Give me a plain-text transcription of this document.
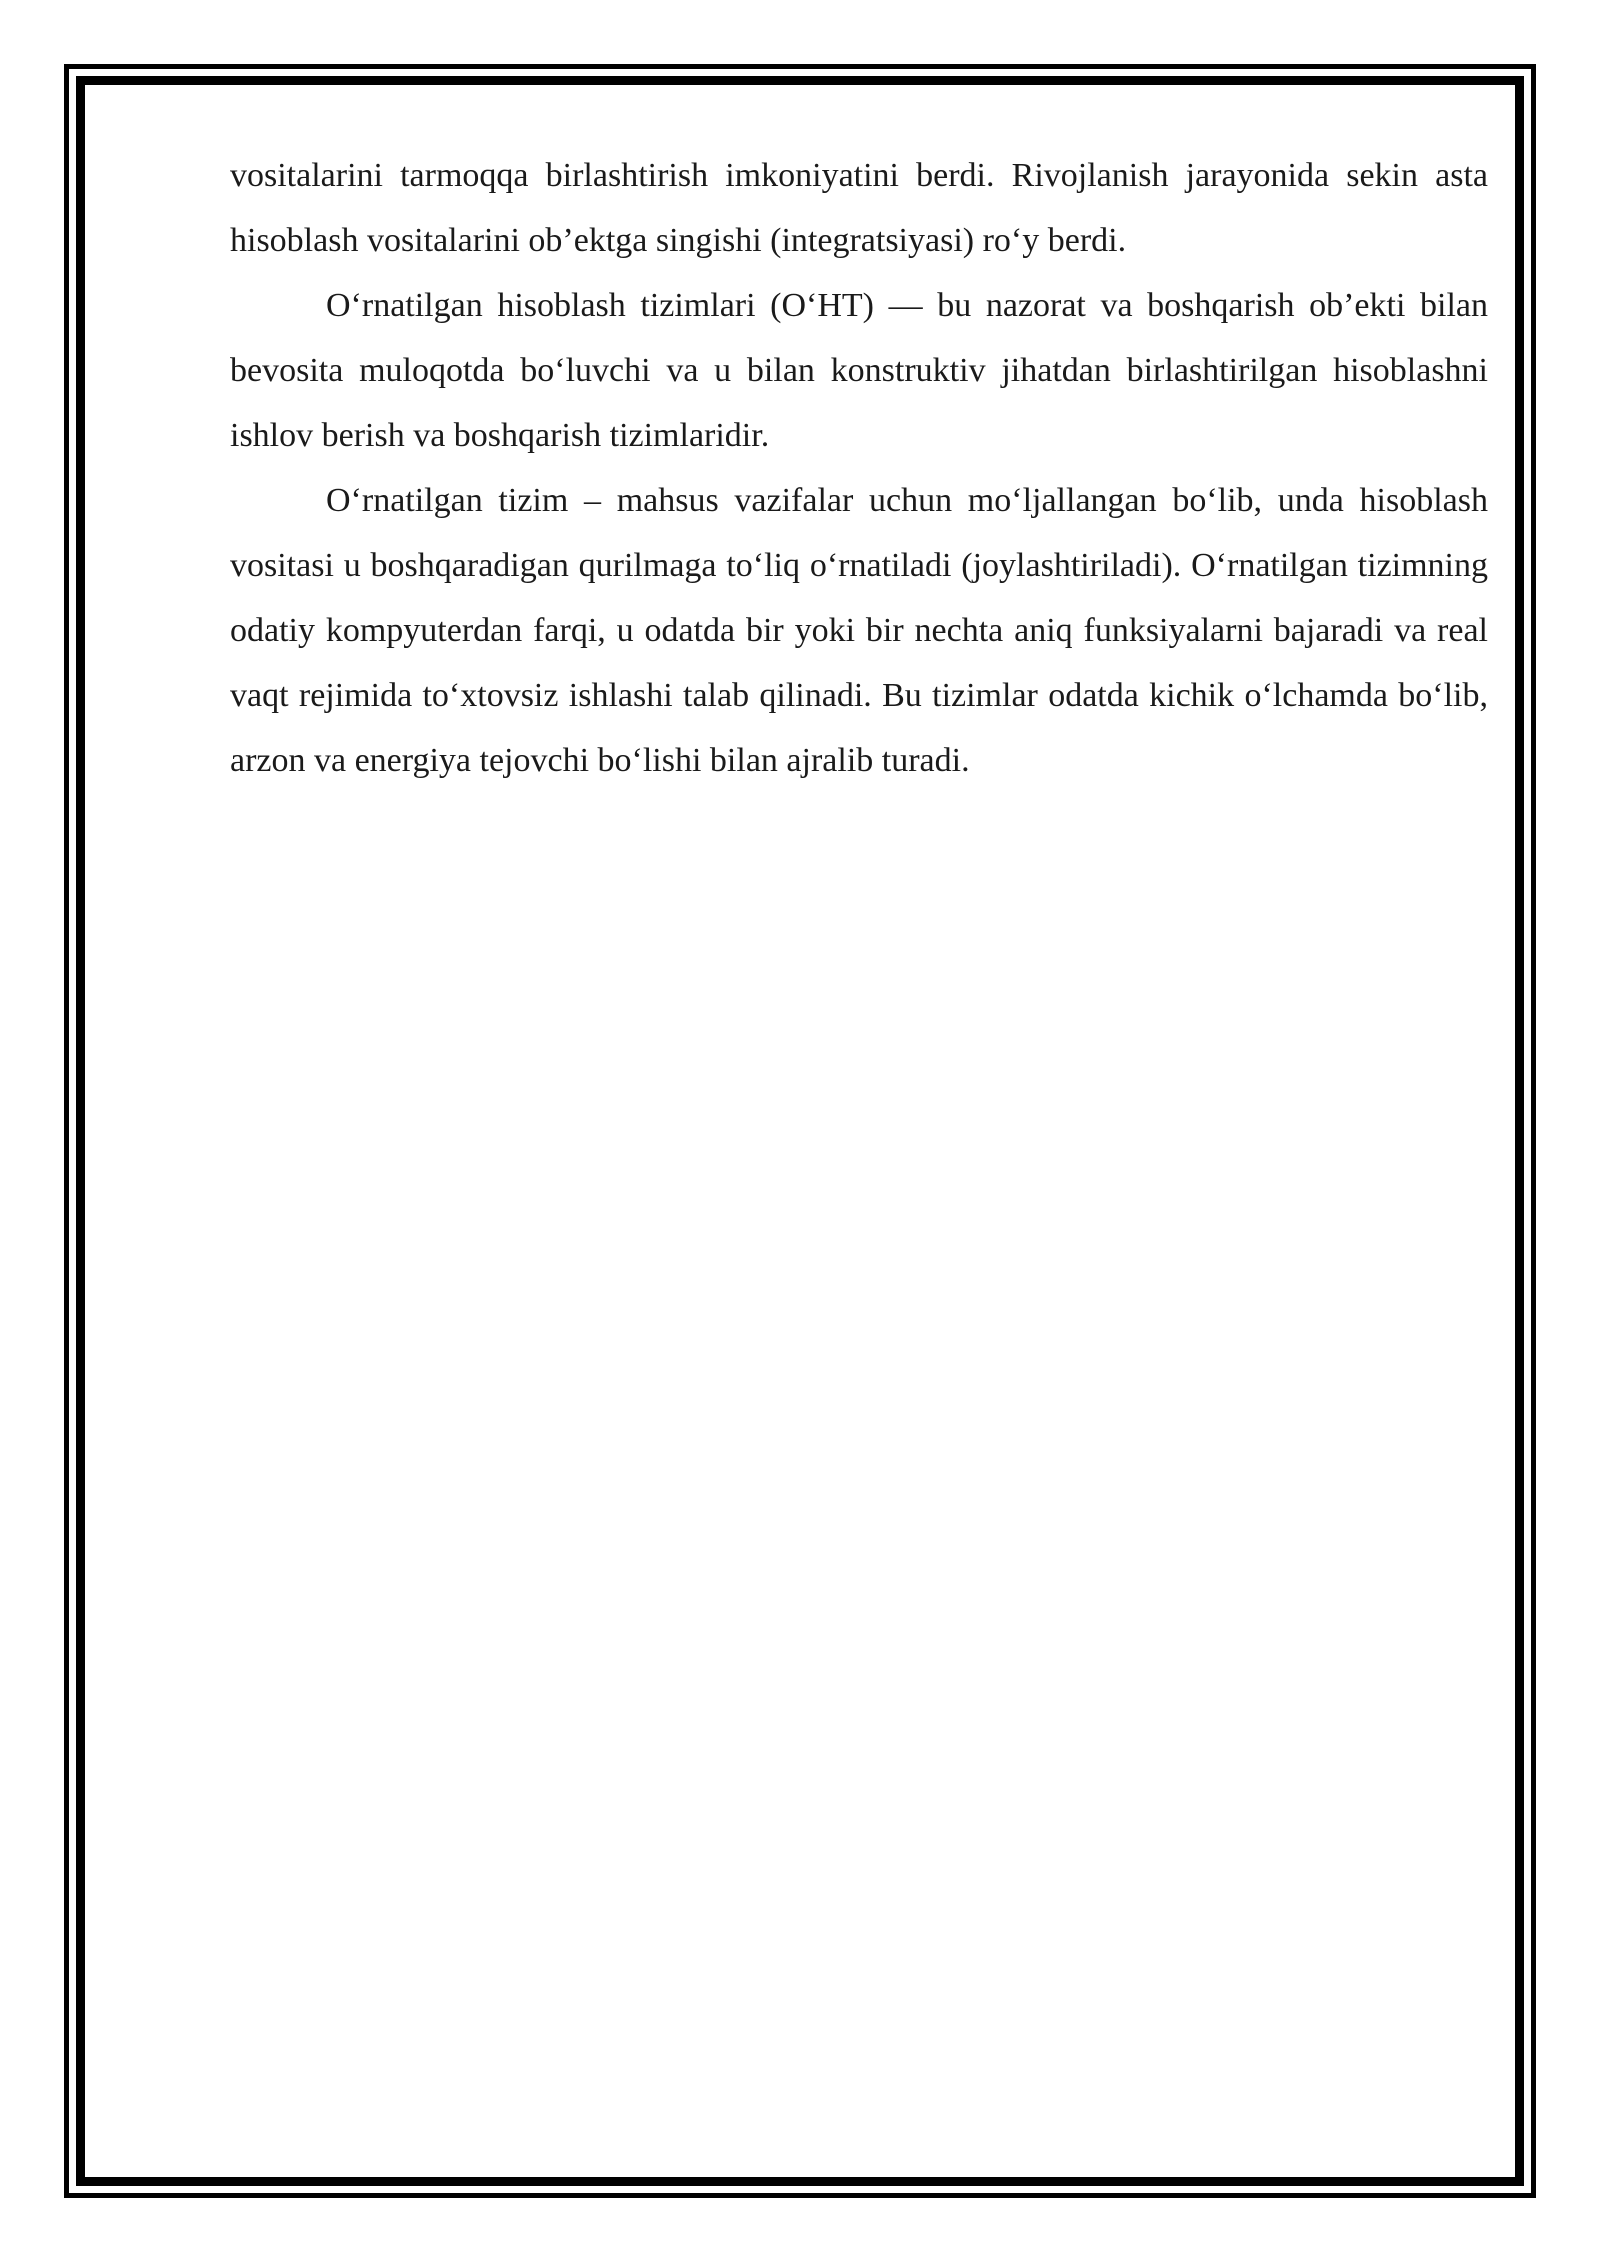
vositalarini tarmoqqa birlashtirish imkoniyatini berdi. Rivojlanish jarayonida sekin asta hisoblash vositalarini ob’ektga singishi (integratsiyasi) ro‘y berdi.

O‘rnatilgan hisoblash tizimlari (O‘HT) — bu nazorat va boshqarish ob’ekti bilan bevosita muloqotda bo‘luvchi va u bilan konstruktiv jihatdan birlashtirilgan hisoblashni ishlov berish va boshqarish tizimlaridir.

O‘rnatilgan tizim – mahsus vazifalar uchun mo‘ljallangan bo‘lib, unda hisoblash vositasi u boshqaradigan qurilmaga to‘liq o‘rnatiladi (joylashtiriladi). O‘rnatilgan tizimning odatiy kompyuterdan farqi, u odatda bir yoki bir nechta aniq funksiyalarni bajaradi va real vaqt rejimida to‘xtovsiz ishlashi talab qilinadi. Bu tizimlar odatda kichik o‘lchamda bo‘lib, arzon va energiya tejovchi bo‘lishi bilan ajralib turadi.
